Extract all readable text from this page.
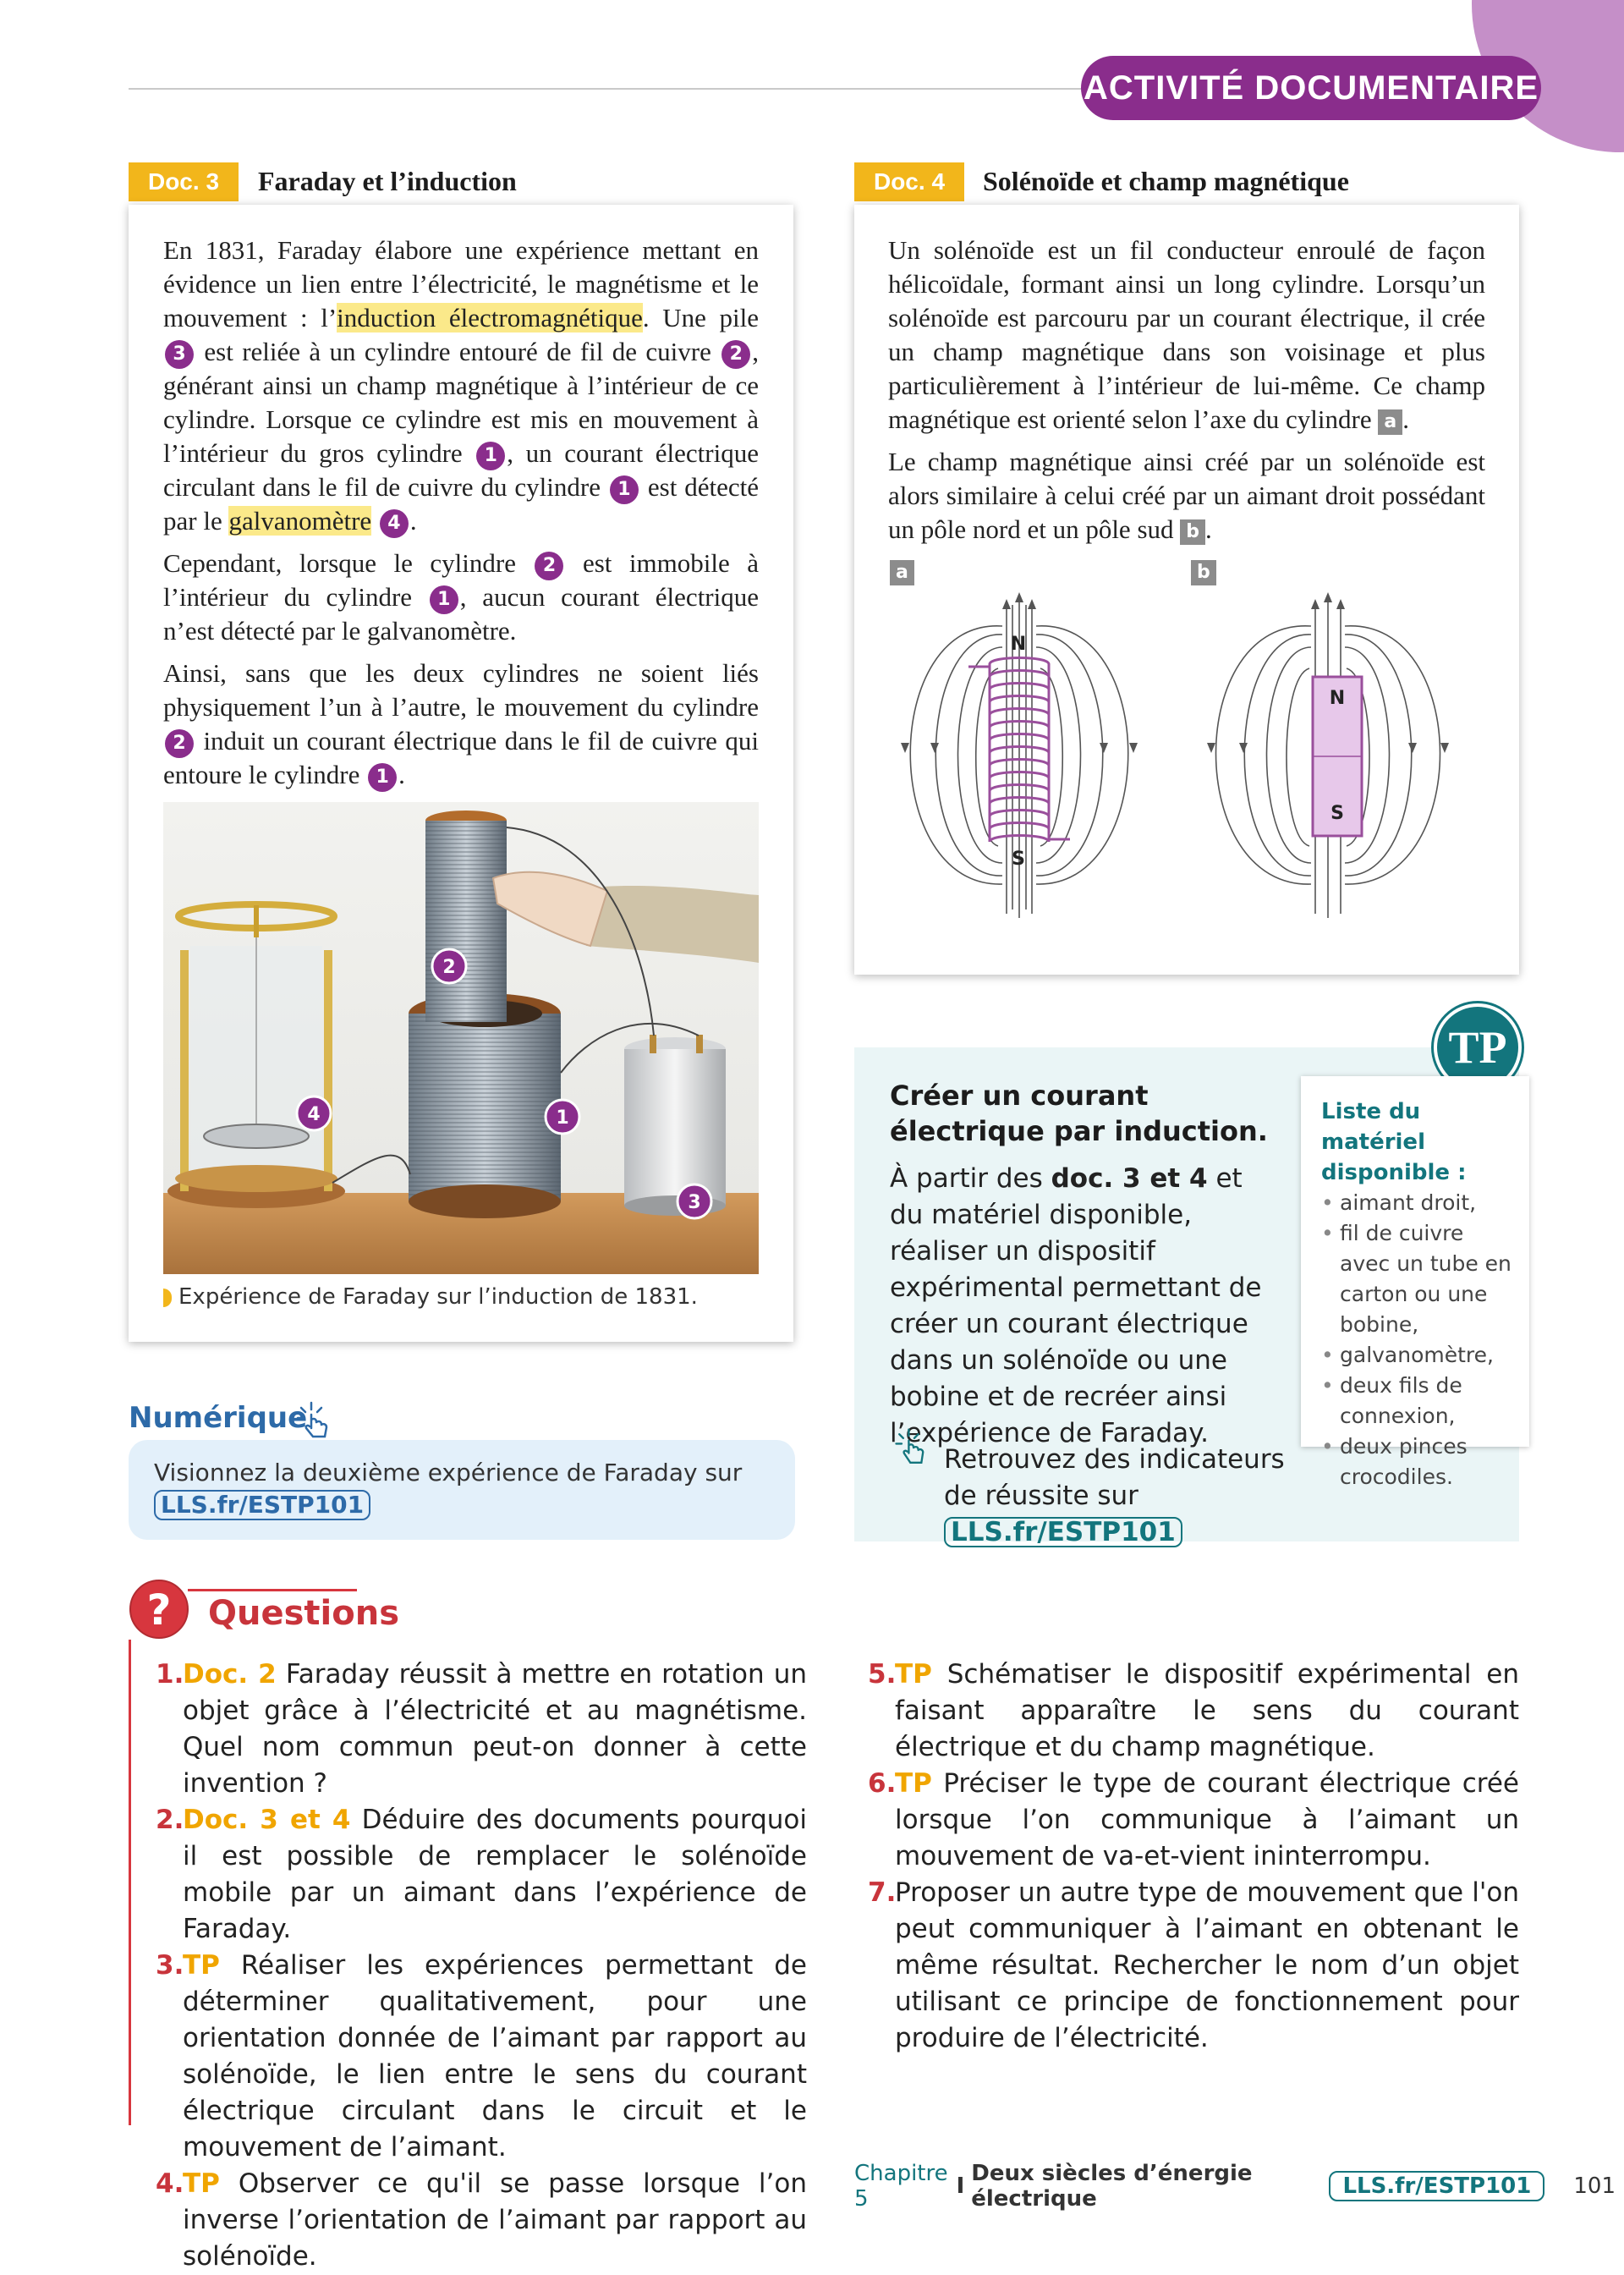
ACTIVITÉ DOCUMENTAIRE
Doc. 3	Faraday et l’induction

En 1831, Faraday élabore une expérience mettant en évidence un lien entre l’électricité, le magnétisme et le mouvement : l’induction électromagnétique. Une pile 3 est reliée à un cylindre entouré de fil de cuivre 2 , générant ainsi un champ magnétique à l’intérieur de ce cylindre. Lorsque ce cylindre est mis en mouvement à l’intérieur du gros cylindre 1 , un courant électrique circulant dans le fil de cuivre du cylindre 1 est détecté par le galvanomètre 4 .

Cependant, lorsque le cylindre 2 est immobile à l’intérieur du cylindre 1 , aucun courant électrique n’est détecté par le galvanomètre.

Ainsi, sans que les deux cylindres ne soient liés physiquement l’un à l’autre, le mouvement du cylindre 2 induit un courant électrique dans le fil de cuivre qui entoure le cylindre 1 .

2
4	1
3
Expérience de Faraday sur l’induction de 1831.
Doc. 4	Solénoïde et champ magnétique

Un solénoïde est un fil conducteur enroulé de façon hélicoïdale, formant ainsi un long cylindre. Lorsqu’un solénoïde est parcouru par un courant électrique, il crée un champ magnétique dans son voisinage et plus particulièrement à l’intérieur de lui-même. Ce champ magnétique est orienté selon l’axe du cylindre a .

Le champ magnétique ainsi créé par un solénoïde est alors similaire à celui créé par un aimant droit possédant un pôle nord et un pôle sud b .

a	b
N
S
N
S
Numérique
Visionnez la deuxième expérience de Faraday sur LLS.fr/ESTP101
TP
Créer un courant électrique par induction.
À partir des doc. 3 et 4 et du matériel disponible, réaliser un dispositif expérimental permettant de créer un courant électrique dans un solénoïde ou une bobine et de recréer ainsi l’expérience de Faraday.
Retrouvez des indicateurs de réussite sur LLS.fr/ESTP101
Liste du matériel disponible :
• aimant droit,
• fil de cuivre avec un tube en carton ou une bobine,
• galvanomètre,
• deux fils de connexion,
• deux pinces crocodiles.
? Questions
1.
Doc. 2 Faraday réussit à mettre en rotation un objet grâce à l’électricité et au magnétisme. Quel nom commun peut-on donner à cette invention ?
2.
Doc. 3 et 4 Déduire des documents pourquoi il est possible de remplacer le solénoïde mobile par un aimant dans l’expérience de Faraday.
3.
TP Réaliser les expériences permettant de déterminer qualitativement, pour une orientation donnée de l’aimant par rapport au solénoïde, le lien entre le sens du courant électrique circulant dans le circuit et le mouvement de l’aimant.
4.
TP Observer ce qu'il se passe lorsque l’on inverse l’orientation de l’aimant par rapport au solénoïde.
5.
TP Schématiser le dispositif expérimental en faisant apparaître le sens du courant électrique et du champ magnétique.
6.
TP Préciser le type de courant électrique créé lorsque l’on communique à l’aimant un mouvement de va-et-vient ininterrompu.
7.
Proposer un autre type de mouvement que l'on peut communiquer à l’aimant en obtenant le même résultat. Rechercher le nom d’un objet utilisant ce principe de fonctionnement pour produire de l’électricité.
Chapitre 5	I Deux siècles d’énergie électrique	LLS.fr/ESTP101	101
